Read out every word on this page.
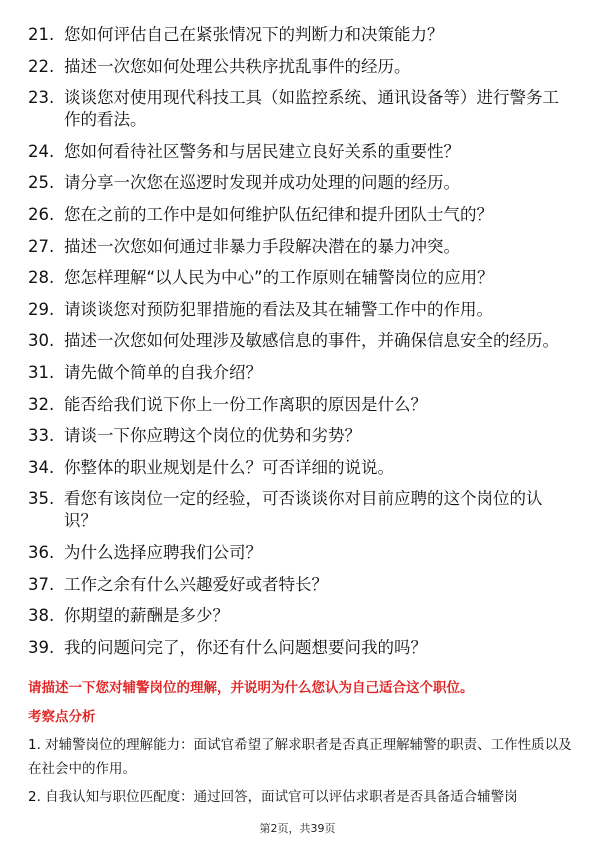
21. 您如何评估自己在紧张情况下的判断力和决策能力？
22. 描述一次您如何处理公共秩序扰乱事件的经历。
23. 谈谈您对使用现代科技工具（如监控系统、通讯设备等）进行警务工作的看法。
24. 您如何看待社区警务和与居民建立良好关系的重要性？
25. 请分享一次您在巡逻时发现并成功处理的问题的经历。
26. 您在之前的工作中是如何维护队伍纪律和提升团队士气的？
27. 描述一次您如何通过非暴力手段解决潜在的暴力冲突。
28. 您怎样理解“以人民为中心”的工作原则在辅警岗位的应用？
29. 请谈谈您对预防犯罪措施的看法及其在辅警工作中的作用。
30. 描述一次您如何处理涉及敏感信息的事件，并确保信息安全的经历。
31. 请先做个简单的自我介绍？
32. 能否给我们说下你上一份工作离职的原因是什么？
33. 请谈一下你应聘这个岗位的优势和劣势？
34. 你整体的职业规划是什么？可否详细的说说。
35. 看您有该岗位一定的经验，可否谈谈你对目前应聘的这个岗位的认识？
36. 为什么选择应聘我们公司？
37. 工作之余有什么兴趣爱好或者特长？
38. 你期望的薪酬是多少？
39. 我的问题问完了，你还有什么问题想要问我的吗？
请描述一下您对辅警岗位的理解，并说明为什么您认为自己适合这个职位。
考察点分析

1. 对辅警岗位的理解能力：面试官希望了解求职者是否真正理解辅警的职责、工作性质以及在社会中的作用。

2. 自我认知与职位匹配度：通过回答，面试官可以评估求职者是否具备适合辅警岗

第2页，共39页
